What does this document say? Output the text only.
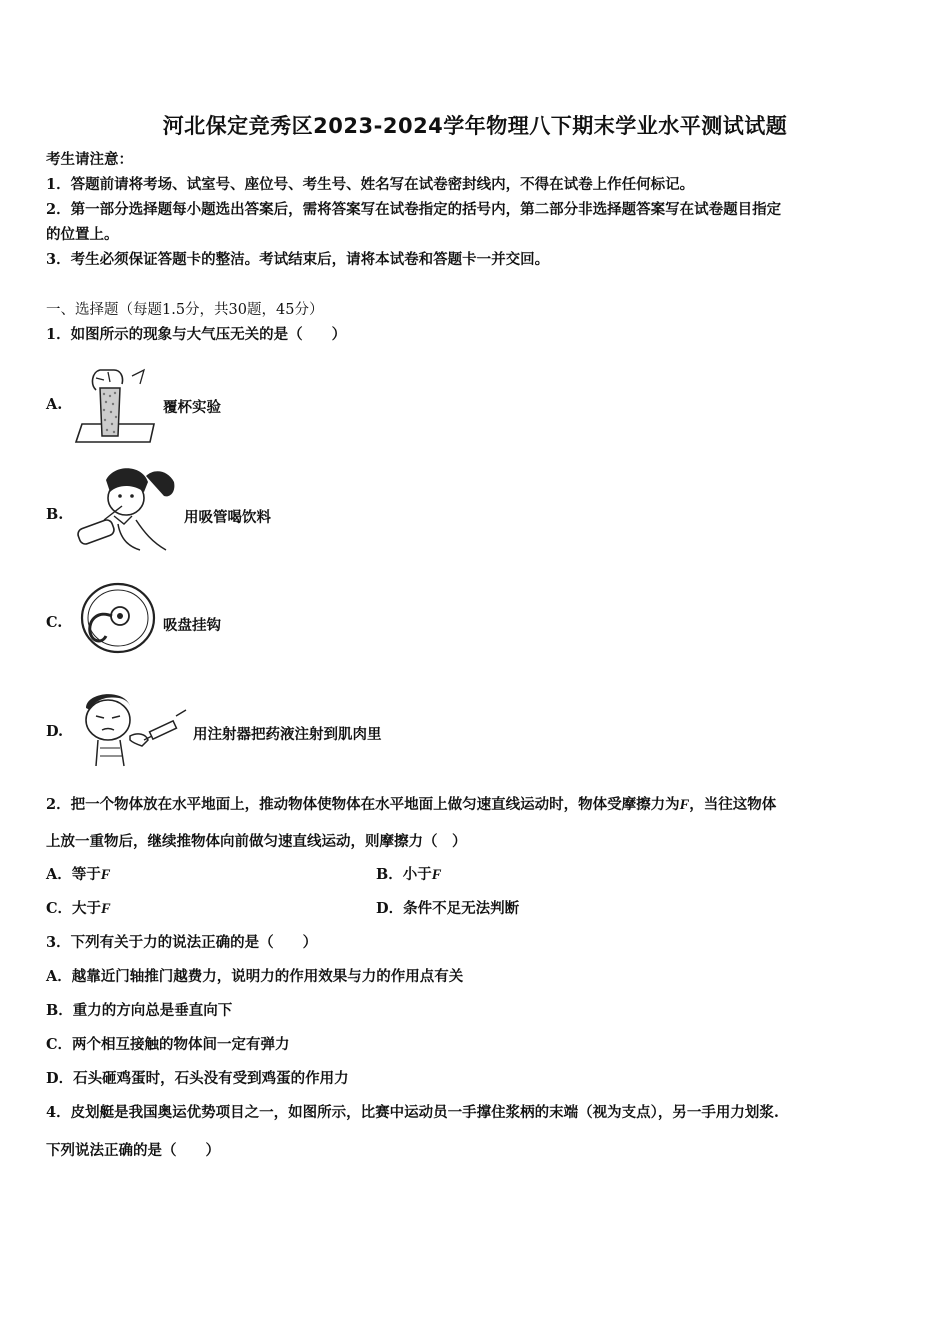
河北保定竞秀区2023-2024学年物理八下期末学业水平测试试题
考生请注意：
1．答题前请将考场、试室号、座位号、考生号、姓名写在试卷密封线内，不得在试卷上作任何标记。
2．第一部分选择题每小题选出答案后，需将答案写在试卷指定的括号内，第二部分非选择题答案写在试卷题目指定
的位置上。
3．考生必须保证答题卡的整洁。考试结束后，请将本试卷和答题卡一并交回。
一、选择题（每题1.5分，共30题，45分）
1．如图所示的现象与大气压无关的是（　　）
A.	覆杯实验
B.	用吸管喝饮料
C.	吸盘挂钩
D.	用注射器把药液注射到肌肉里
2．把一个物体放在水平地面上，推动物体使物体在水平地面上做匀速直线运动时，物体受摩擦力为F，当往这物体
上放一重物后，继续推物体向前做匀速直线运动，则摩擦力（　）
A．等于F	B．小于F
C．大于F	D．条件不足无法判断
3．下列有关于力的说法正确的是（　　）
A．越靠近门轴推门越费力，说明力的作用效果与力的作用点有关
B．重力的方向总是垂直向下
C．两个相互接触的物体间一定有弹力
D．石头砸鸡蛋时，石头没有受到鸡蛋的作用力
4．皮划艇是我国奥运优势项目之一，如图所示，比赛中运动员一手撑住浆柄的末端（视为支点），另一手用力划浆.
下列说法正确的是（　　）
